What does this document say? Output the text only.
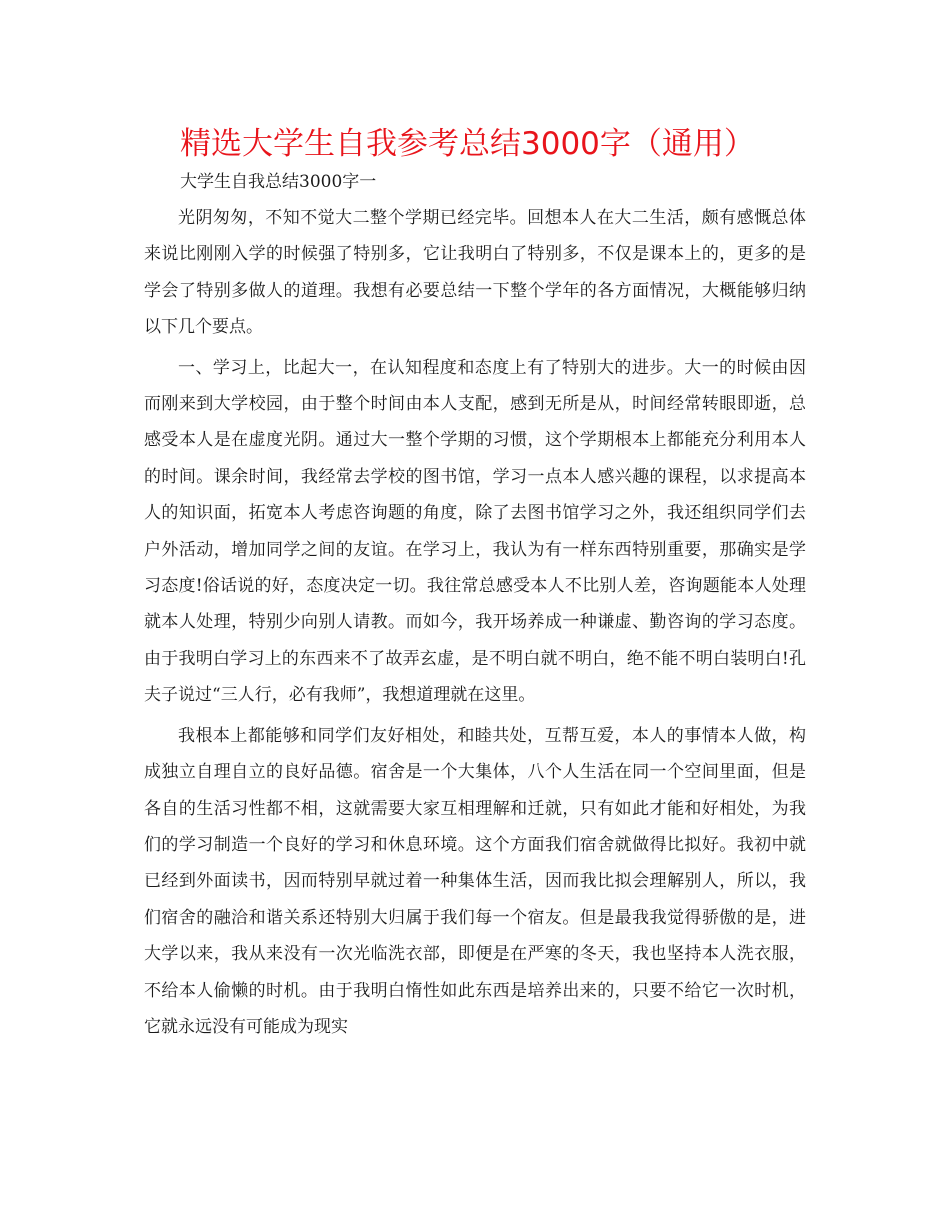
精选大学生自我参考总结3000字（通用）
大学生自我总结3000字一

光阴匆匆，不知不觉大二整个学期已经完毕。回想本人在大二生活，颇有感慨总体来说比刚刚入学的时候强了特别多，它让我明白了特别多，不仅是课本上的，更多的是学会了特别多做人的道理。我想有必要总结一下整个学年的各方面情况，大概能够归纳以下几个要点。

一、学习上，比起大一，在认知程度和态度上有了特别大的进步。大一的时候由因而刚来到大学校园，由于整个时间由本人支配，感到无所是从，时间经常转眼即逝，总感受本人是在虚度光阴。通过大一整个学期的习惯，这个学期根本上都能充分利用本人的时间。课余时间，我经常去学校的图书馆，学习一点本人感兴趣的课程，以求提高本人的知识面，拓宽本人考虑咨询题的角度，除了去图书馆学习之外，我还组织同学们去户外活动，增加同学之间的友谊。在学习上，我认为有一样东西特别重要，那确实是学习态度!俗话说的好，态度决定一切。我往常总感受本人不比别人差，咨询题能本人处理就本人处理，特别少向别人请教。而如今，我开场养成一种谦虚、勤咨询的学习态度。由于我明白学习上的东西来不了故弄玄虚，是不明白就不明白，绝不能不明白装明白!孔夫子说过“三人行，必有我师”，我想道理就在这里。

我根本上都能够和同学们友好相处，和睦共处，互帮互爱，本人的事情本人做，构成独立自理自立的良好品德。宿舍是一个大集体，八个人生活在同一个空间里面，但是各自的生活习性都不相，这就需要大家互相理解和迁就，只有如此才能和好相处，为我们的学习制造一个良好的学习和休息环境。这个方面我们宿舍就做得比拟好。我初中就已经到外面读书，因而特别早就过着一种集体生活，因而我比拟会理解别人，所以，我们宿舍的融洽和谐关系还特别大归属于我们每一个宿友。但是最我我觉得骄傲的是，进大学以来，我从来没有一次光临洗衣部，即便是在严寒的冬天，我也坚持本人洗衣服，不给本人偷懒的时机。由于我明白惰性如此东西是培养出来的，只要不给它一次时机，它就永远没有可能成为现实
